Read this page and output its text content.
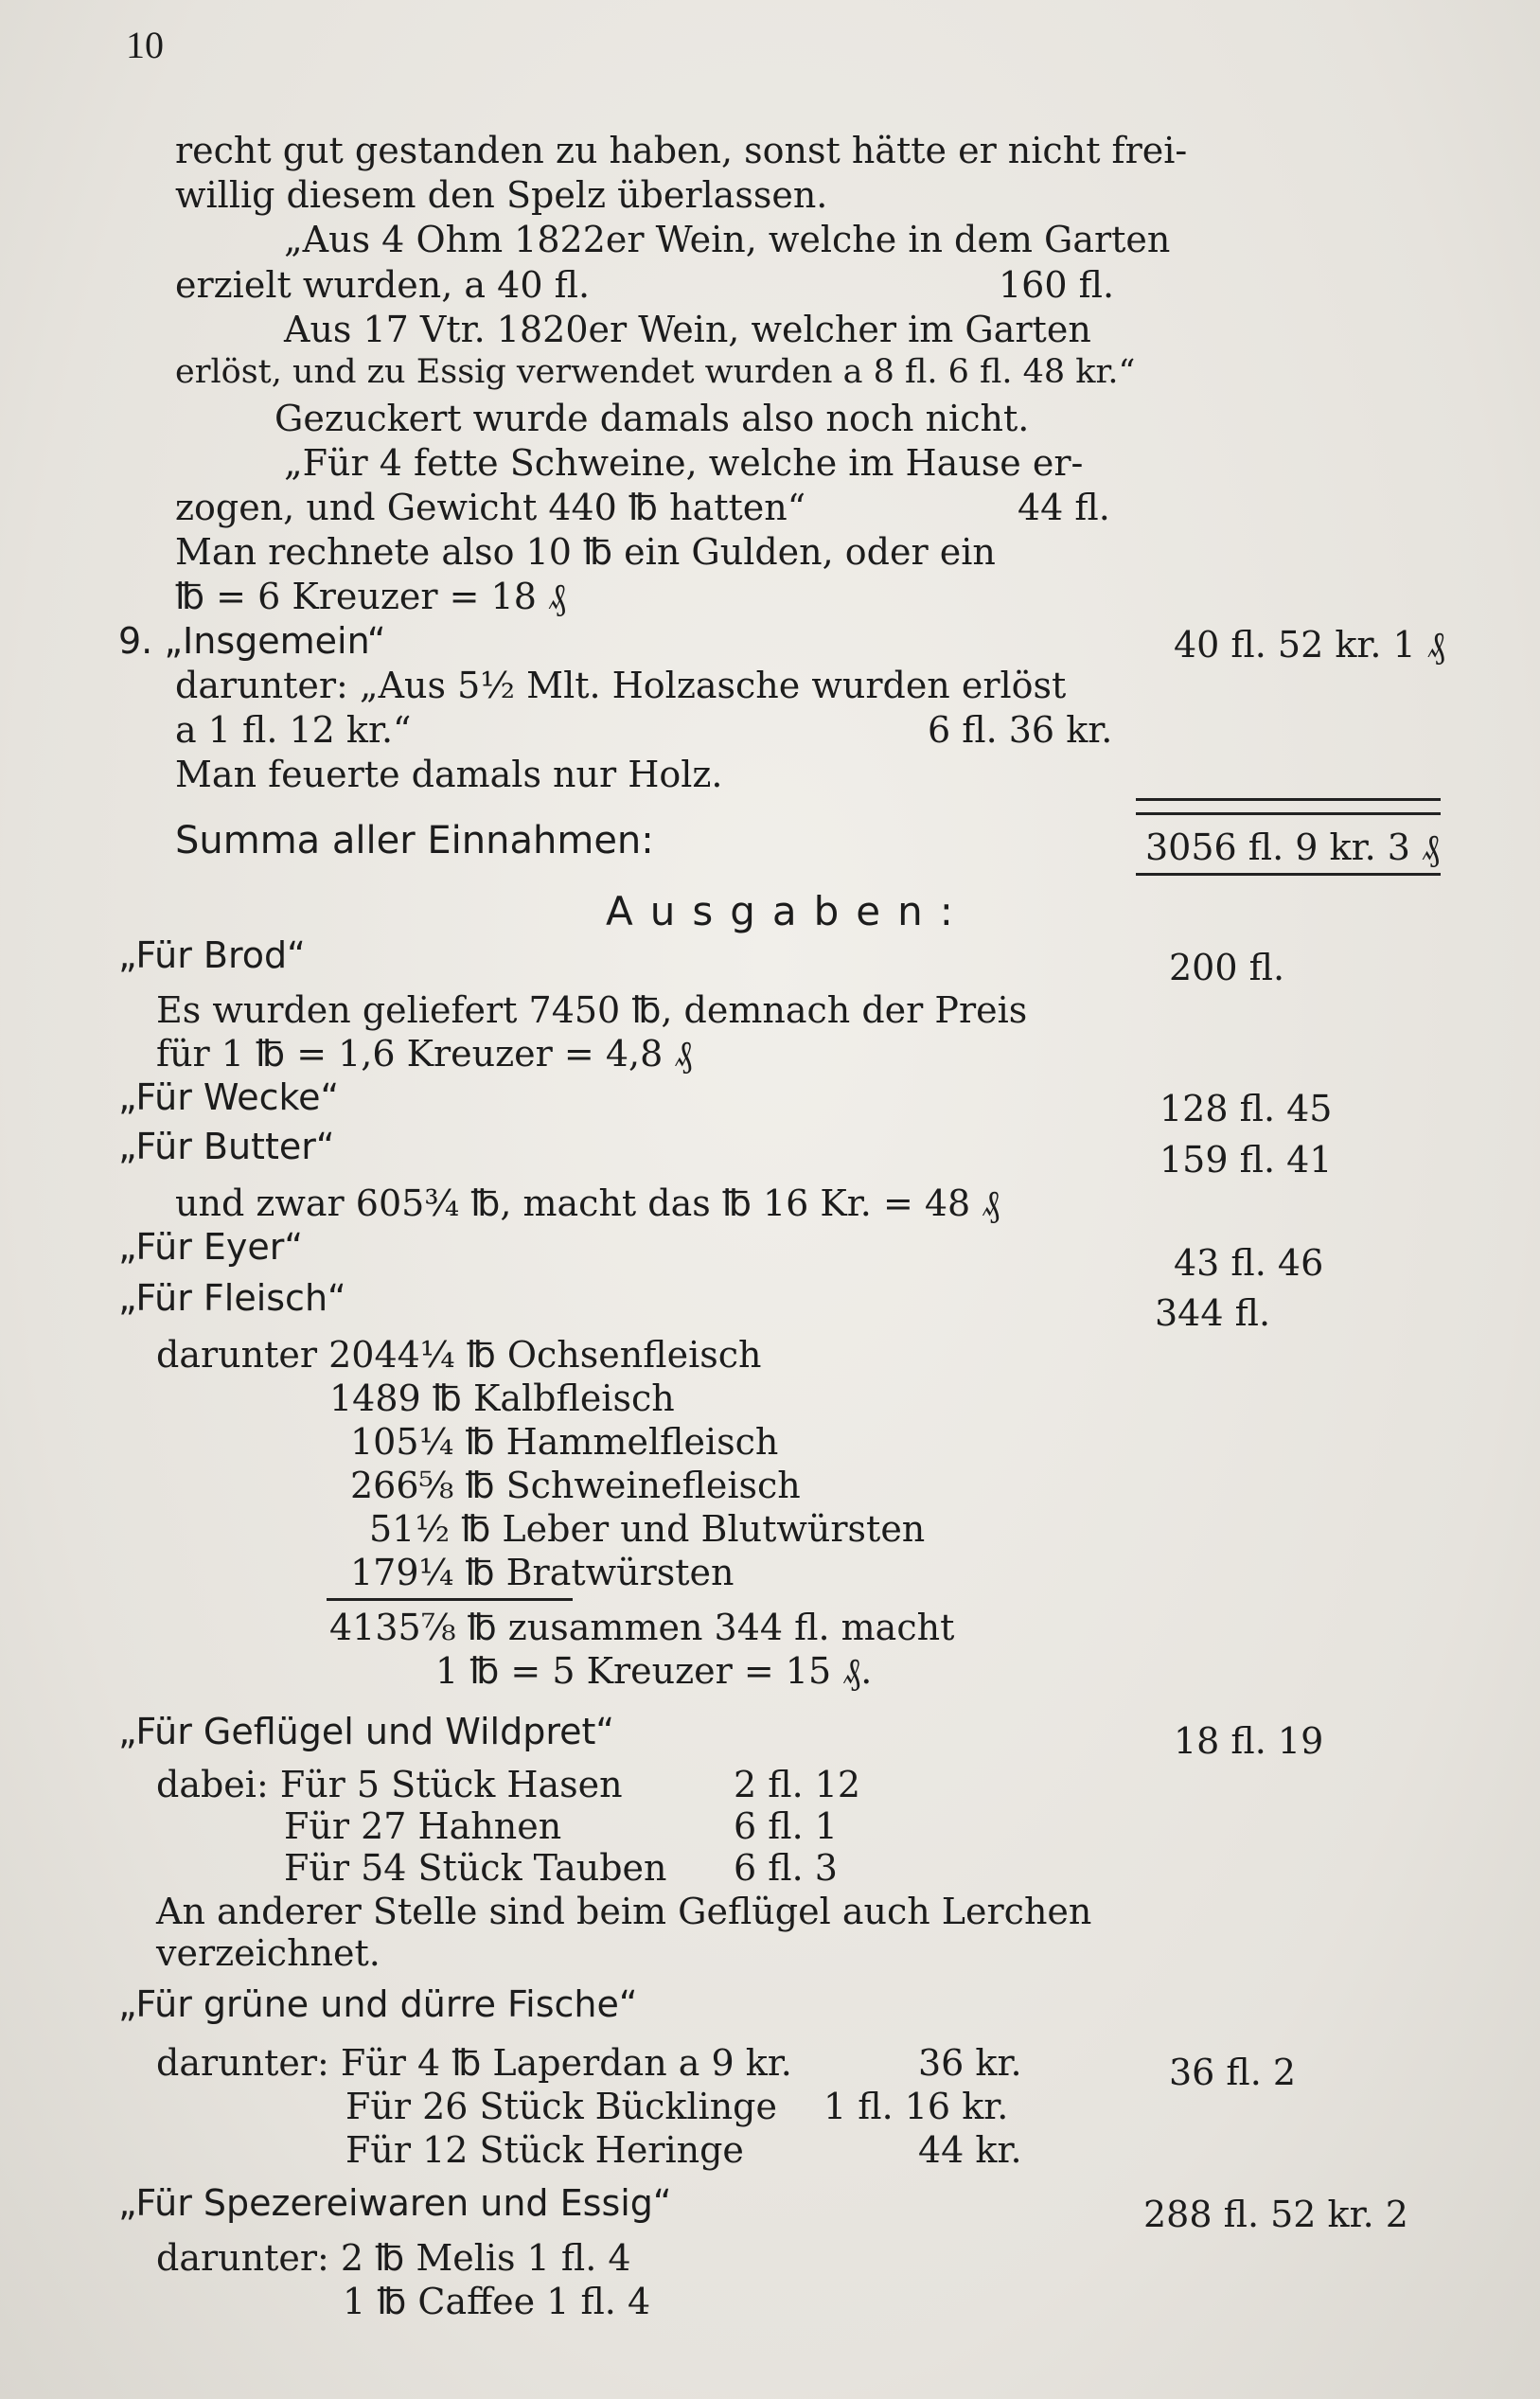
10
recht gut gestanden zu haben, sonst hätte er nicht frei-
willig diesem den Spelz überlassen.
„Aus 4 Ohm 1822er Wein, welche in dem Garten
erzielt wurden, a 40 fl.	160 fl.
Aus 17 Vtr. 1820er Wein, welcher im Garten
erlöst, und zu Essig verwendet wurden a 8 fl. 6 fl. 48 kr.“
Gezuckert wurde damals also noch nicht.
„Für 4 fette Schweine, welche im Hause er-
zogen, und Gewicht 440 ℔ hatten“	44 fl.
Man rechnete also 10 ℔ ein Gulden, oder ein
℔ = 6 Kreuzer = 18 ₰
9. „Insgemein“	40 fl. 52 kr. 1 ₰
darunter: „Aus 5½ Mlt. Holzasche wurden erlöst
a 1 fl. 12 kr.“	6 fl. 36 kr.
Man feuerte damals nur Holz.
Summa aller Einnahmen:	3056 fl. 9 kr. 3 ₰
Ausgaben:
„Für Brod“	200 fl.
Es wurden geliefert 7450 ℔, demnach der Preis
für 1 ℔ = 1,6 Kreuzer = 4,8 ₰
„Für Wecke“	128 fl. 45
„Für Butter“	159 fl. 41
und zwar 605¾ ℔, macht das ℔ 16 Kr. = 48 ₰
„Für Eyer“	43 fl. 46
„Für Fleisch“	344 fl.
darunter 2044¼ ℔ Ochsenfleisch
1489 ℔ Kalbfleisch
105¼ ℔ Hammelfleisch
266⅝ ℔ Schweinefleisch
51½ ℔ Leber und Blutwürsten
179¼ ℔ Bratwürsten
4135⅞ ℔ zusammen 344 fl. macht
1 ℔ = 5 Kreuzer = 15 ₰.
„Für Geflügel und Wildpret“	18 fl. 19
dabei: Für 5 Stück Hasen	2 fl. 12
Für 27 Hahnen	6 fl. 1
Für 54 Stück Tauben 6 fl. 3
An anderer Stelle sind beim Geflügel auch Lerchen
verzeichnet.
„Für grüne und dürre Fische“
darunter: Für 4 ℔ Laperdan a 9 kr.	36 kr.	36 fl. 2
Für 26 Stück Bücklinge 1 fl. 16 kr.
Für 12 Stück Heringe	44 kr.
„Für Spezereiwaren und Essig“	288 fl. 52 kr. 2
darunter: 2 ℔ Melis 1 fl. 4
1 ℔ Caffee 1 fl. 4
